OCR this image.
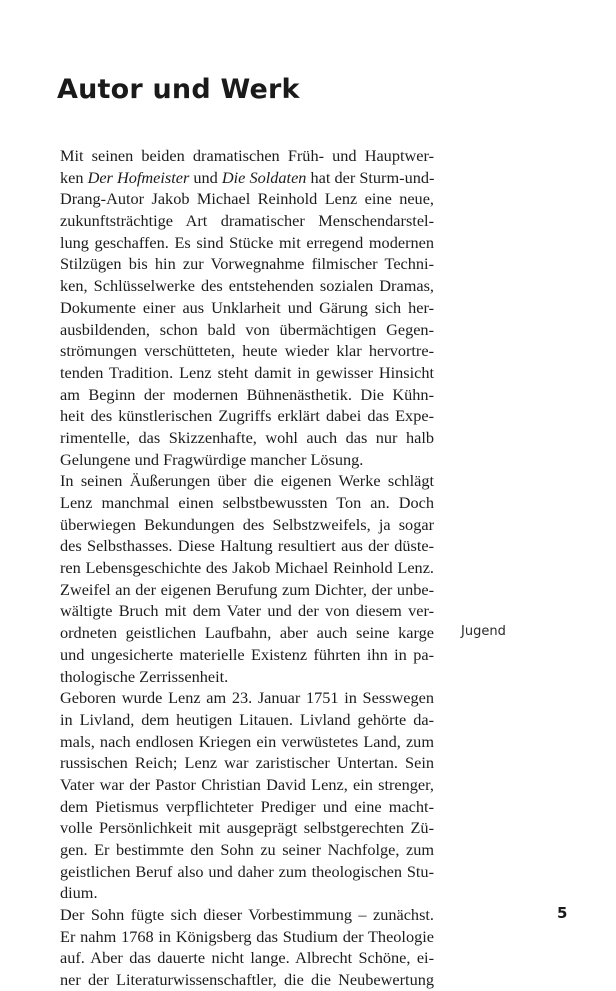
Autor und Werk
Mit seinen beiden dramatischen Früh- und Hauptwer-
ken Der Hofmeister und Die Soldaten hat der Sturm-und-
Drang-Autor Jakob Michael Reinhold Lenz eine neue,
zukunftsträchtige Art dramatischer Menschendarstel-
lung geschaffen. Es sind Stücke mit erregend modernen
Stilzügen bis hin zur Vorwegnahme filmischer Techni-
ken, Schlüsselwerke des entstehenden sozialen Dramas,
Dokumente einer aus Unklarheit und Gärung sich her-
ausbildenden, schon bald von übermächtigen Gegen-
strömungen verschütteten, heute wieder klar hervortre-
tenden Tradition. Lenz steht damit in gewisser Hinsicht
am Beginn der modernen Bühnenästhetik. Die Kühn-
heit des künstlerischen Zugriffs erklärt dabei das Expe-
rimentelle, das Skizzenhafte, wohl auch das nur halb
Gelungene und Fragwürdige mancher Lösung.
In seinen Äußerungen über die eigenen Werke schlägt
Lenz manchmal einen selbstbewussten Ton an. Doch
überwiegen Bekundungen des Selbstzweifels, ja sogar
des Selbsthasses. Diese Haltung resultiert aus der düste-
ren Lebensgeschichte des Jakob Michael Reinhold Lenz.
Zweifel an der eigenen Berufung zum Dichter, der unbe-
wältigte Bruch mit dem Vater und der von diesem ver-
ordneten geistlichen Laufbahn, aber auch seine karge
und ungesicherte materielle Existenz führten ihn in pa-
thologische Zerrissenheit.
Geboren wurde Lenz am 23. Januar 1751 in Sesswegen
in Livland, dem heutigen Litauen. Livland gehörte da-
mals, nach endlosen Kriegen ein verwüstetes Land, zum
russischen Reich; Lenz war zaristischer Untertan. Sein
Vater war der Pastor Christian David Lenz, ein strenger,
dem Pietismus verpflichteter Prediger und eine macht-
volle Persönlichkeit mit ausgeprägt selbstgerechten Zü-
gen. Er bestimmte den Sohn zu seiner Nachfolge, zum
geistlichen Beruf also und daher zum theologischen Stu-
dium.
Der Sohn fügte sich dieser Vorbestimmung – zunächst.
Er nahm 1768 in Königsberg das Studium der Theologie
auf. Aber das dauerte nicht lange. Albrecht Schöne, ei-
ner der Literaturwissenschaftler, die die Neubewertung
Jugend
5
